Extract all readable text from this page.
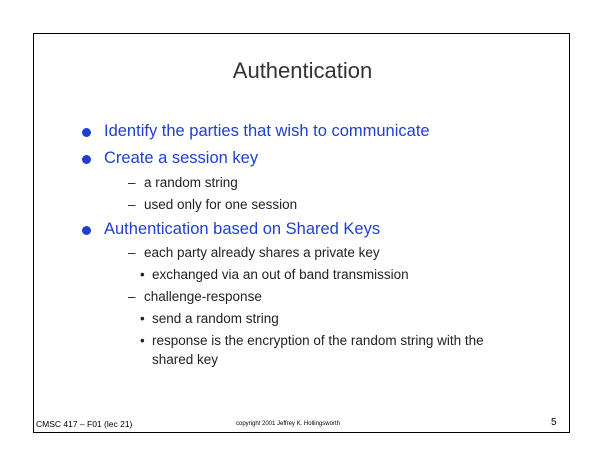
Authentication
Identify the parties that wish to communicate
Create a session key
– a random string
– used only for one session
Authentication based on Shared Keys
– each party already shares a private key
• exchanged via an out of band transmission
– challenge-response
• send a random string
• response is the encryption of the random string with the
shared key
CMSC 417 – F01 (lec 21)	copyright 2001 Jeffrey K. Hollingsworth	5
